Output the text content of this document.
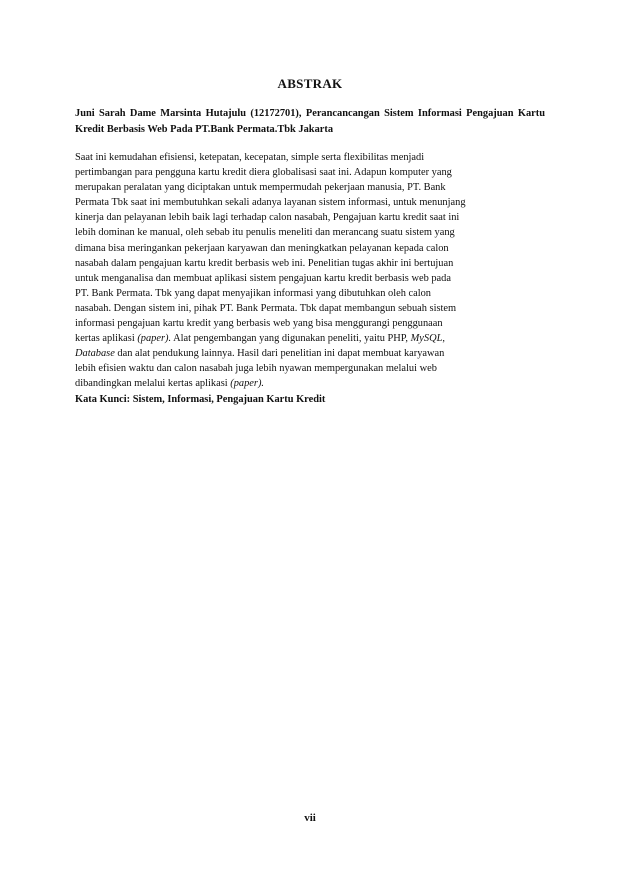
ABSTRAK
Juni Sarah Dame Marsinta Hutajulu (12172701), Perancancangan Sistem Informasi Pengajuan Kartu Kredit Berbasis Web Pada PT.Bank Permata.Tbk Jakarta
Saat ini kemudahan efisiensi, ketepatan, kecepatan, simple serta flexibilitas menjadi
pertimbangan para pengguna kartu kredit diera globalisasi saat ini. Adapun komputer yang
merupakan peralatan yang diciptakan untuk mempermudah pekerjaan manusia, PT. Bank
Permata Tbk saat ini membutuhkan sekali adanya layanan sistem informasi, untuk menunjang
kinerja dan pelayanan lebih baik lagi terhadap calon nasabah, Pengajuan kartu kredit saat ini
lebih dominan ke manual, oleh sebab itu penulis meneliti dan merancang suatu sistem yang
dimana bisa meringankan pekerjaan karyawan dan meningkatkan pelayanan kepada calon
nasabah dalam pengajuan kartu kredit berbasis web ini. Penelitian tugas akhir ini bertujuan
untuk menganalisa dan membuat aplikasi sistem pengajuan kartu kredit berbasis web pada
PT. Bank Permata. Tbk yang dapat menyajikan informasi yang dibutuhkan oleh calon
nasabah. Dengan sistem ini, pihak PT. Bank Permata. Tbk dapat membangun sebuah sistem
informasi pengajuan kartu kredit yang berbasis web yang bisa menggurangi penggunaan
kertas aplikasi (paper). Alat pengembangan yang digunakan peneliti, yaitu PHP, MySQL,
Database dan alat pendukung lainnya. Hasil dari penelitian ini dapat membuat karyawan
lebih efisien waktu dan calon nasabah juga lebih nyawan mempergunakan melalui web
dibandingkan melalui kertas aplikasi (paper).
Kata Kunci: Sistem, Informasi, Pengajuan Kartu Kredit
vii
